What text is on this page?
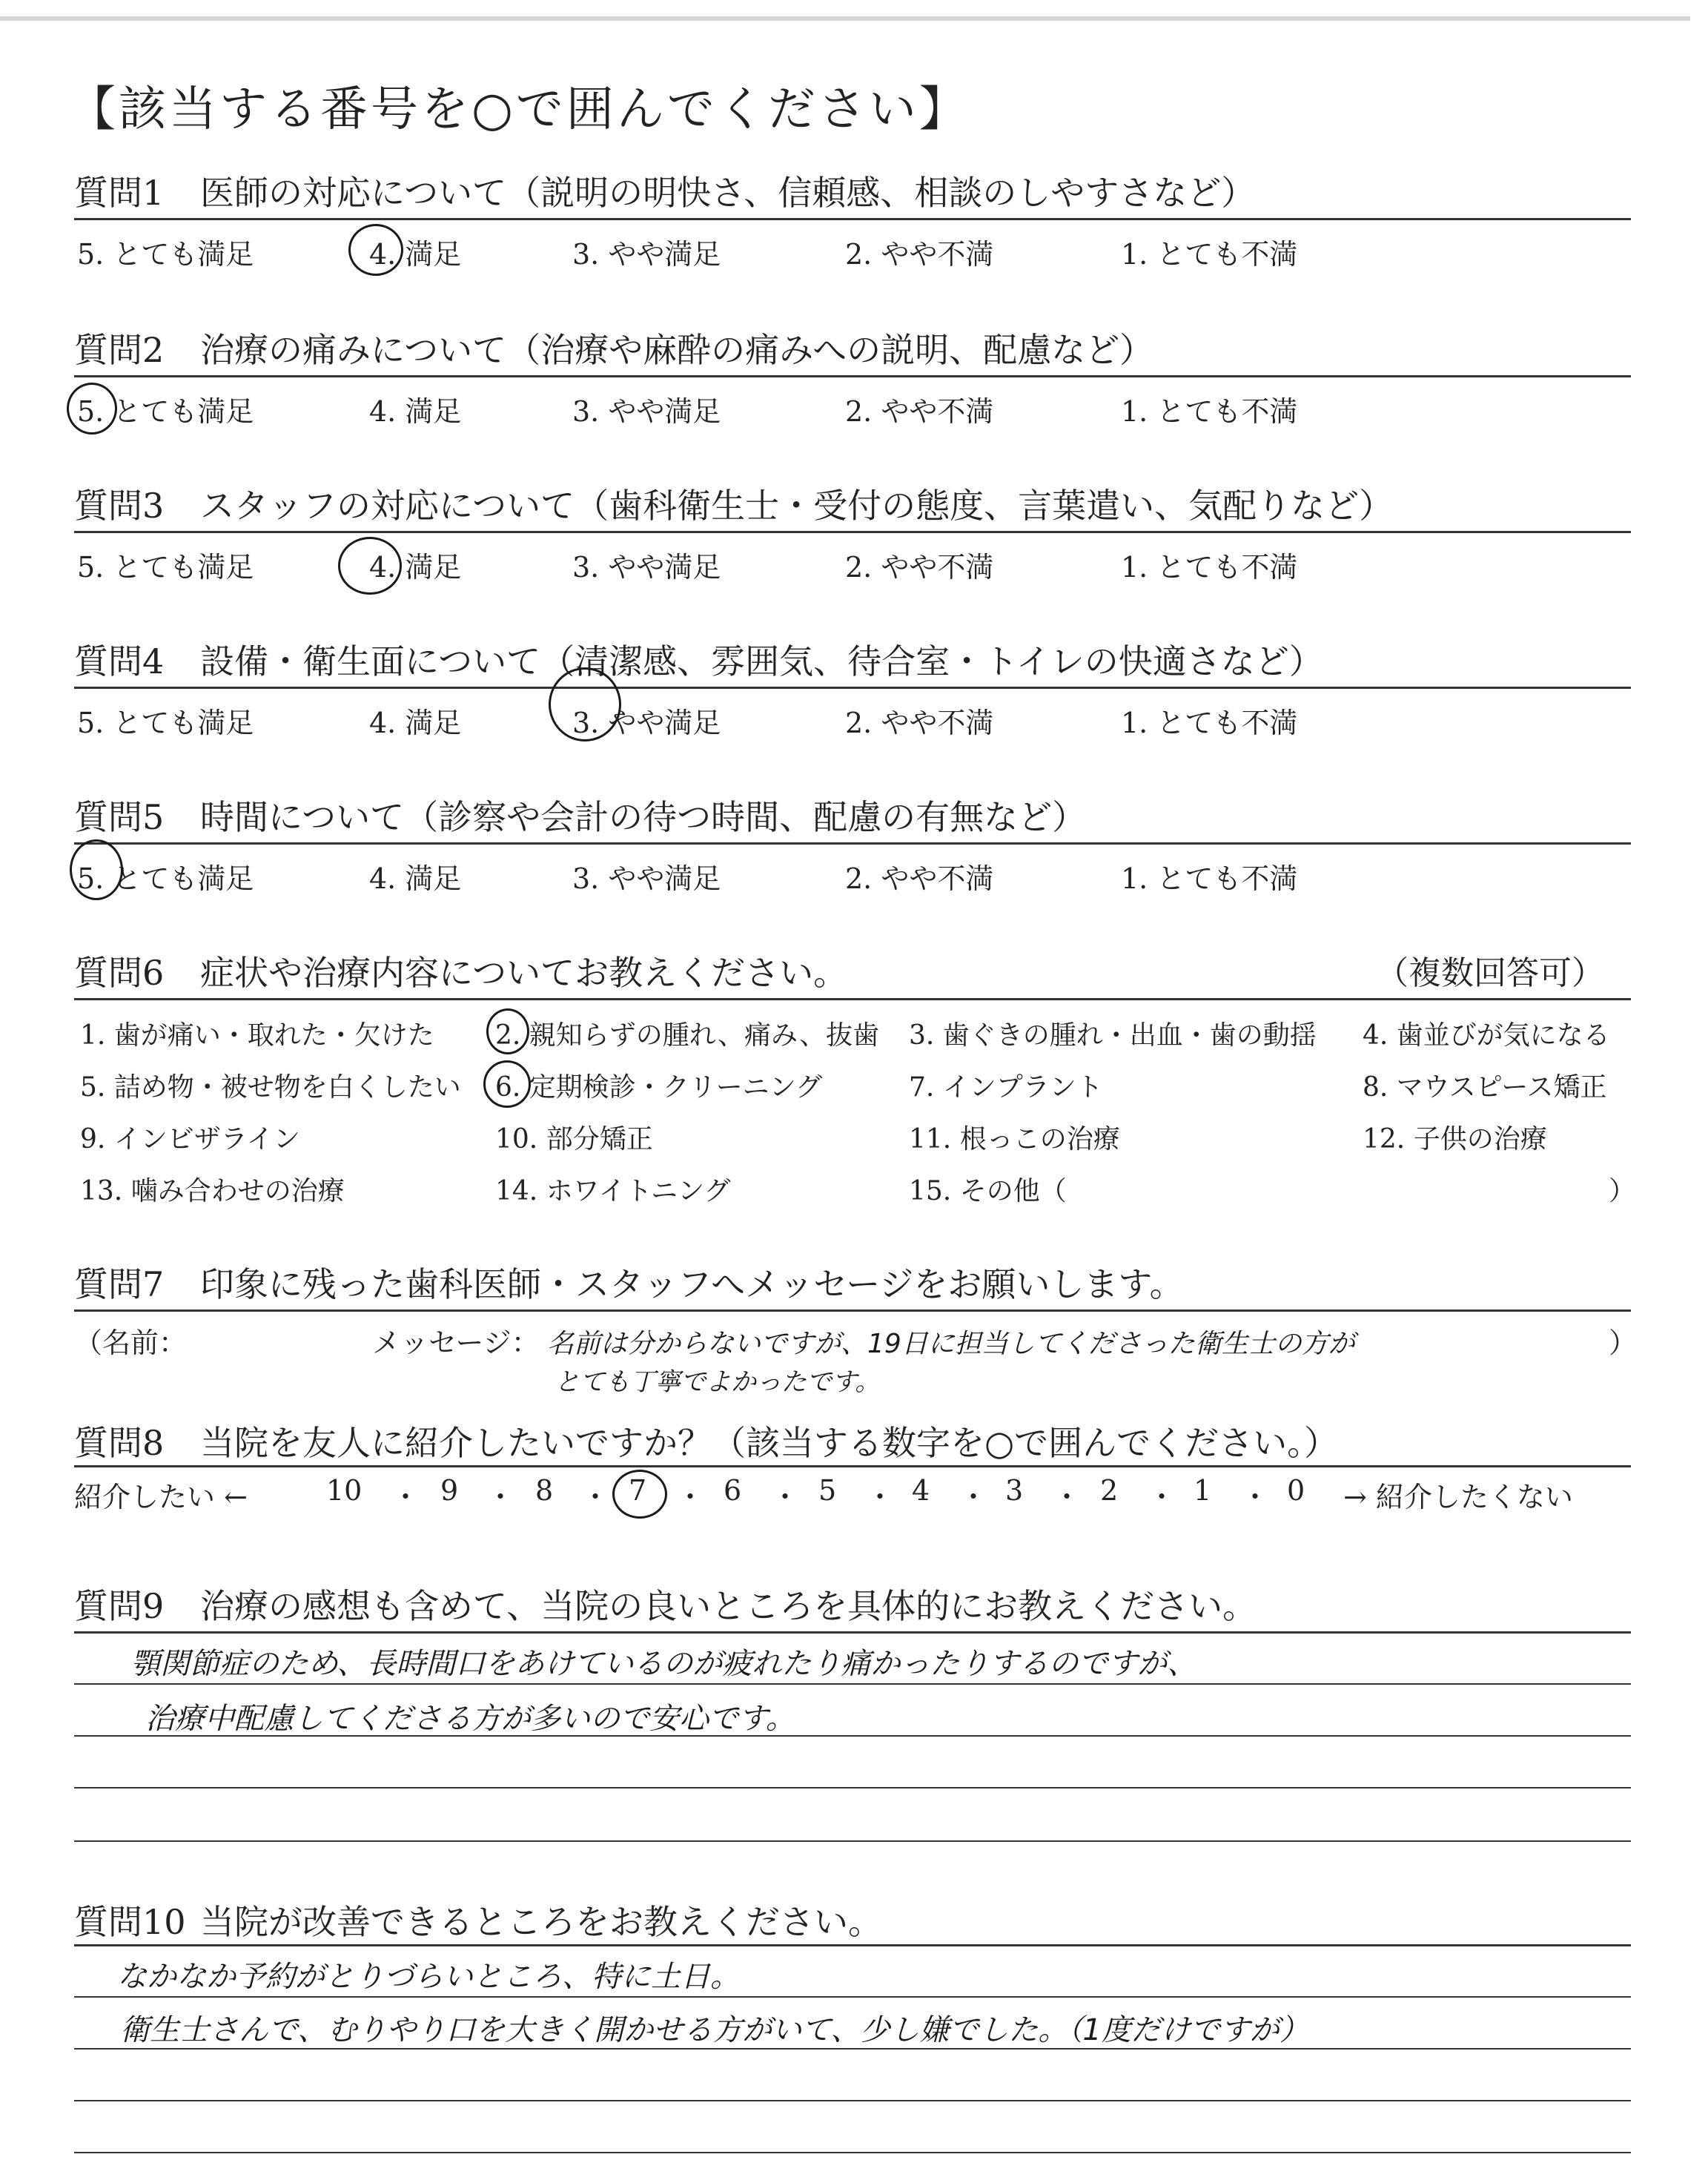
【該当する番号を○で囲んでください】
質問1 医師の対応について（説明の明快さ、信頼感、相談のしやすさなど）
5. とても満足	4. 満足	3. やや満足	2. やや不満	1. とても不満
質問2 治療の痛みについて（治療や麻酔の痛みへの説明、配慮など）
5. とても満足	4. 満足	3. やや満足	2. やや不満	1. とても不満
質問3 スタッフの対応について（歯科衛生士・受付の態度、言葉遣い、気配りなど）
5. とても満足	4. 満足	3. やや満足	2. やや不満	1. とても不満
質問4 設備・衛生面について（清潔感、雰囲気、待合室・トイレの快適さなど）
5. とても満足	4. 満足	3. やや満足	2. やや不満	1. とても不満
質問5 時間について（診察や会計の待つ時間、配慮の有無など）
5. とても満足	4. 満足	3. やや満足	2. やや不満	1. とても不満
質問6 症状や治療内容についてお教えください。	（複数回答可）
1. 歯が痛い・取れた・欠けた 2. 親知らずの腫れ、痛み、抜歯 3. 歯ぐきの腫れ・出血・歯の動揺 4. 歯並びが気になる
5. 詰め物・被せ物を白くしたい 6. 定期検診・クリーニング	7. インプラント	8. マウスピース矯正
9. インビザライン	10. 部分矯正	11. 根っこの治療	12. 子供の治療
13. 噛み合わせの治療	14. ホワイトニング	15. その他（	）
質問7 印象に残った歯科医師・スタッフへメッセージをお願いします。
（名前：	メッセージ：	）
名前は分からないですが、19日に担当してくださった衛生士の方が
とても丁寧でよかったです。
質問8 当院を友人に紹介したいですか？（該当する数字を○で囲んでください。）
紹介したい ←	→ 紹介したくない
10 ・ 9 ・ 8 ・ 7 ・ 6 ・ 5 ・ 4 ・ 3 ・ 2 ・ 1 ・ 0
質問9 治療の感想も含めて、当院の良いところを具体的にお教えください。
顎関節症のため、長時間口をあけているのが疲れたり痛かったりするのですが、
治療中配慮してくださる方が多いので安心です。
質問10 当院が改善できるところをお教えください。
なかなか予約がとりづらいところ、特に土日。
衛生士さんで、むりやり口を大きく開かせる方がいて、少し嫌でした。（1度だけですが）
